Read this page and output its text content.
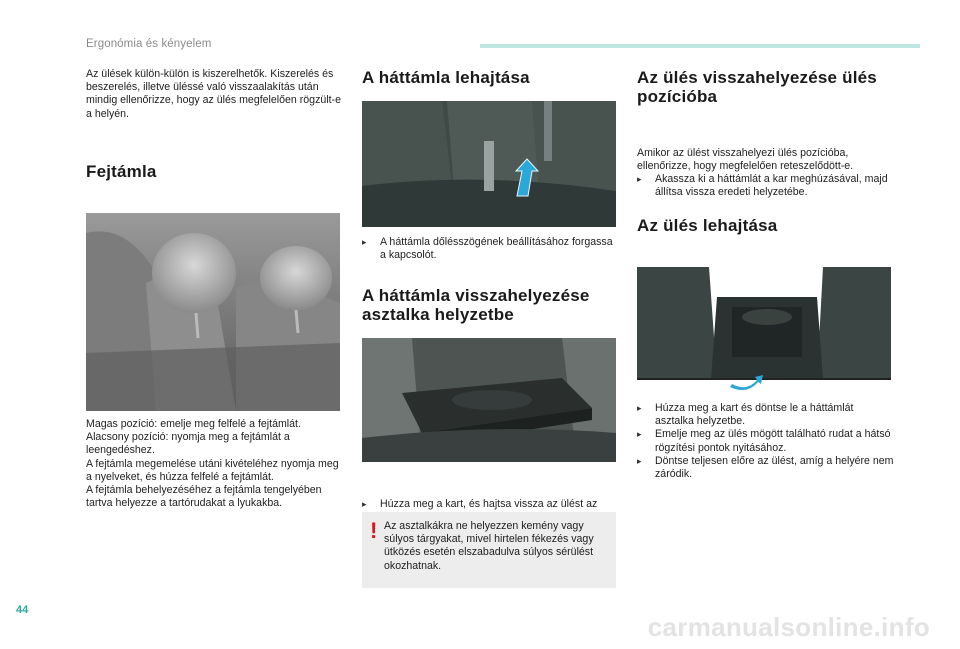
Ergonómia és kényelem
Az ülések külön-külön is kiszerelhetők. Kiszerelés és beszerelés, illetve üléssé való visszaalakítás után mindig ellenőrizze, hogy az ülés megfelelően rögzült-e a helyén.
Fejtámla
Magas pozíció: emelje meg felfelé a fejtámlát.
Alacsony pozíció: nyomja meg a fejtámlát a leengedéshez.
A fejtámla megemelése utáni kivételéhez nyomja meg a nyelveket, és húzza felfelé a fejtámlát.
A fejtámla behelyezéséhez a fejtámla tengelyében tartva helyezze a tartórudakat a lyukakba.
A háttámla lehajtása
▸ A háttámla dőlésszögének beállításához forgassa a kapcsolót.
A háttámla visszahelyezése asztalka helyzetbe
▸ Húzza meg a kart, és hajtsa vissza az ülést az
! Az asztalkákra ne helyezzen kemény vagy súlyos tárgyakat, mivel hirtelen fékezés vagy ütközés esetén elszabadulva súlyos sérülést okozhatnak.
Az ülés visszahelyezése ülés pozícióba
▸ Akassza ki a háttámlát a kar meghúzásával, majd állítsa vissza eredeti helyzetébe.
Amikor az ülést visszahelyezi ülés pozícióba, ellenőrizze, hogy megfelelően reteszelődött-e.
Az ülés lehajtása
▸ Húzza meg a kart és döntse le a háttámlát asztalka helyzetbe.
▸ Emelje meg az ülés mögött található rudat a hátsó rögzítési pontok nyitásához.
▸ Döntse teljesen előre az ülést, amíg a helyére nem záródik.
44
carmanualsonline.info
